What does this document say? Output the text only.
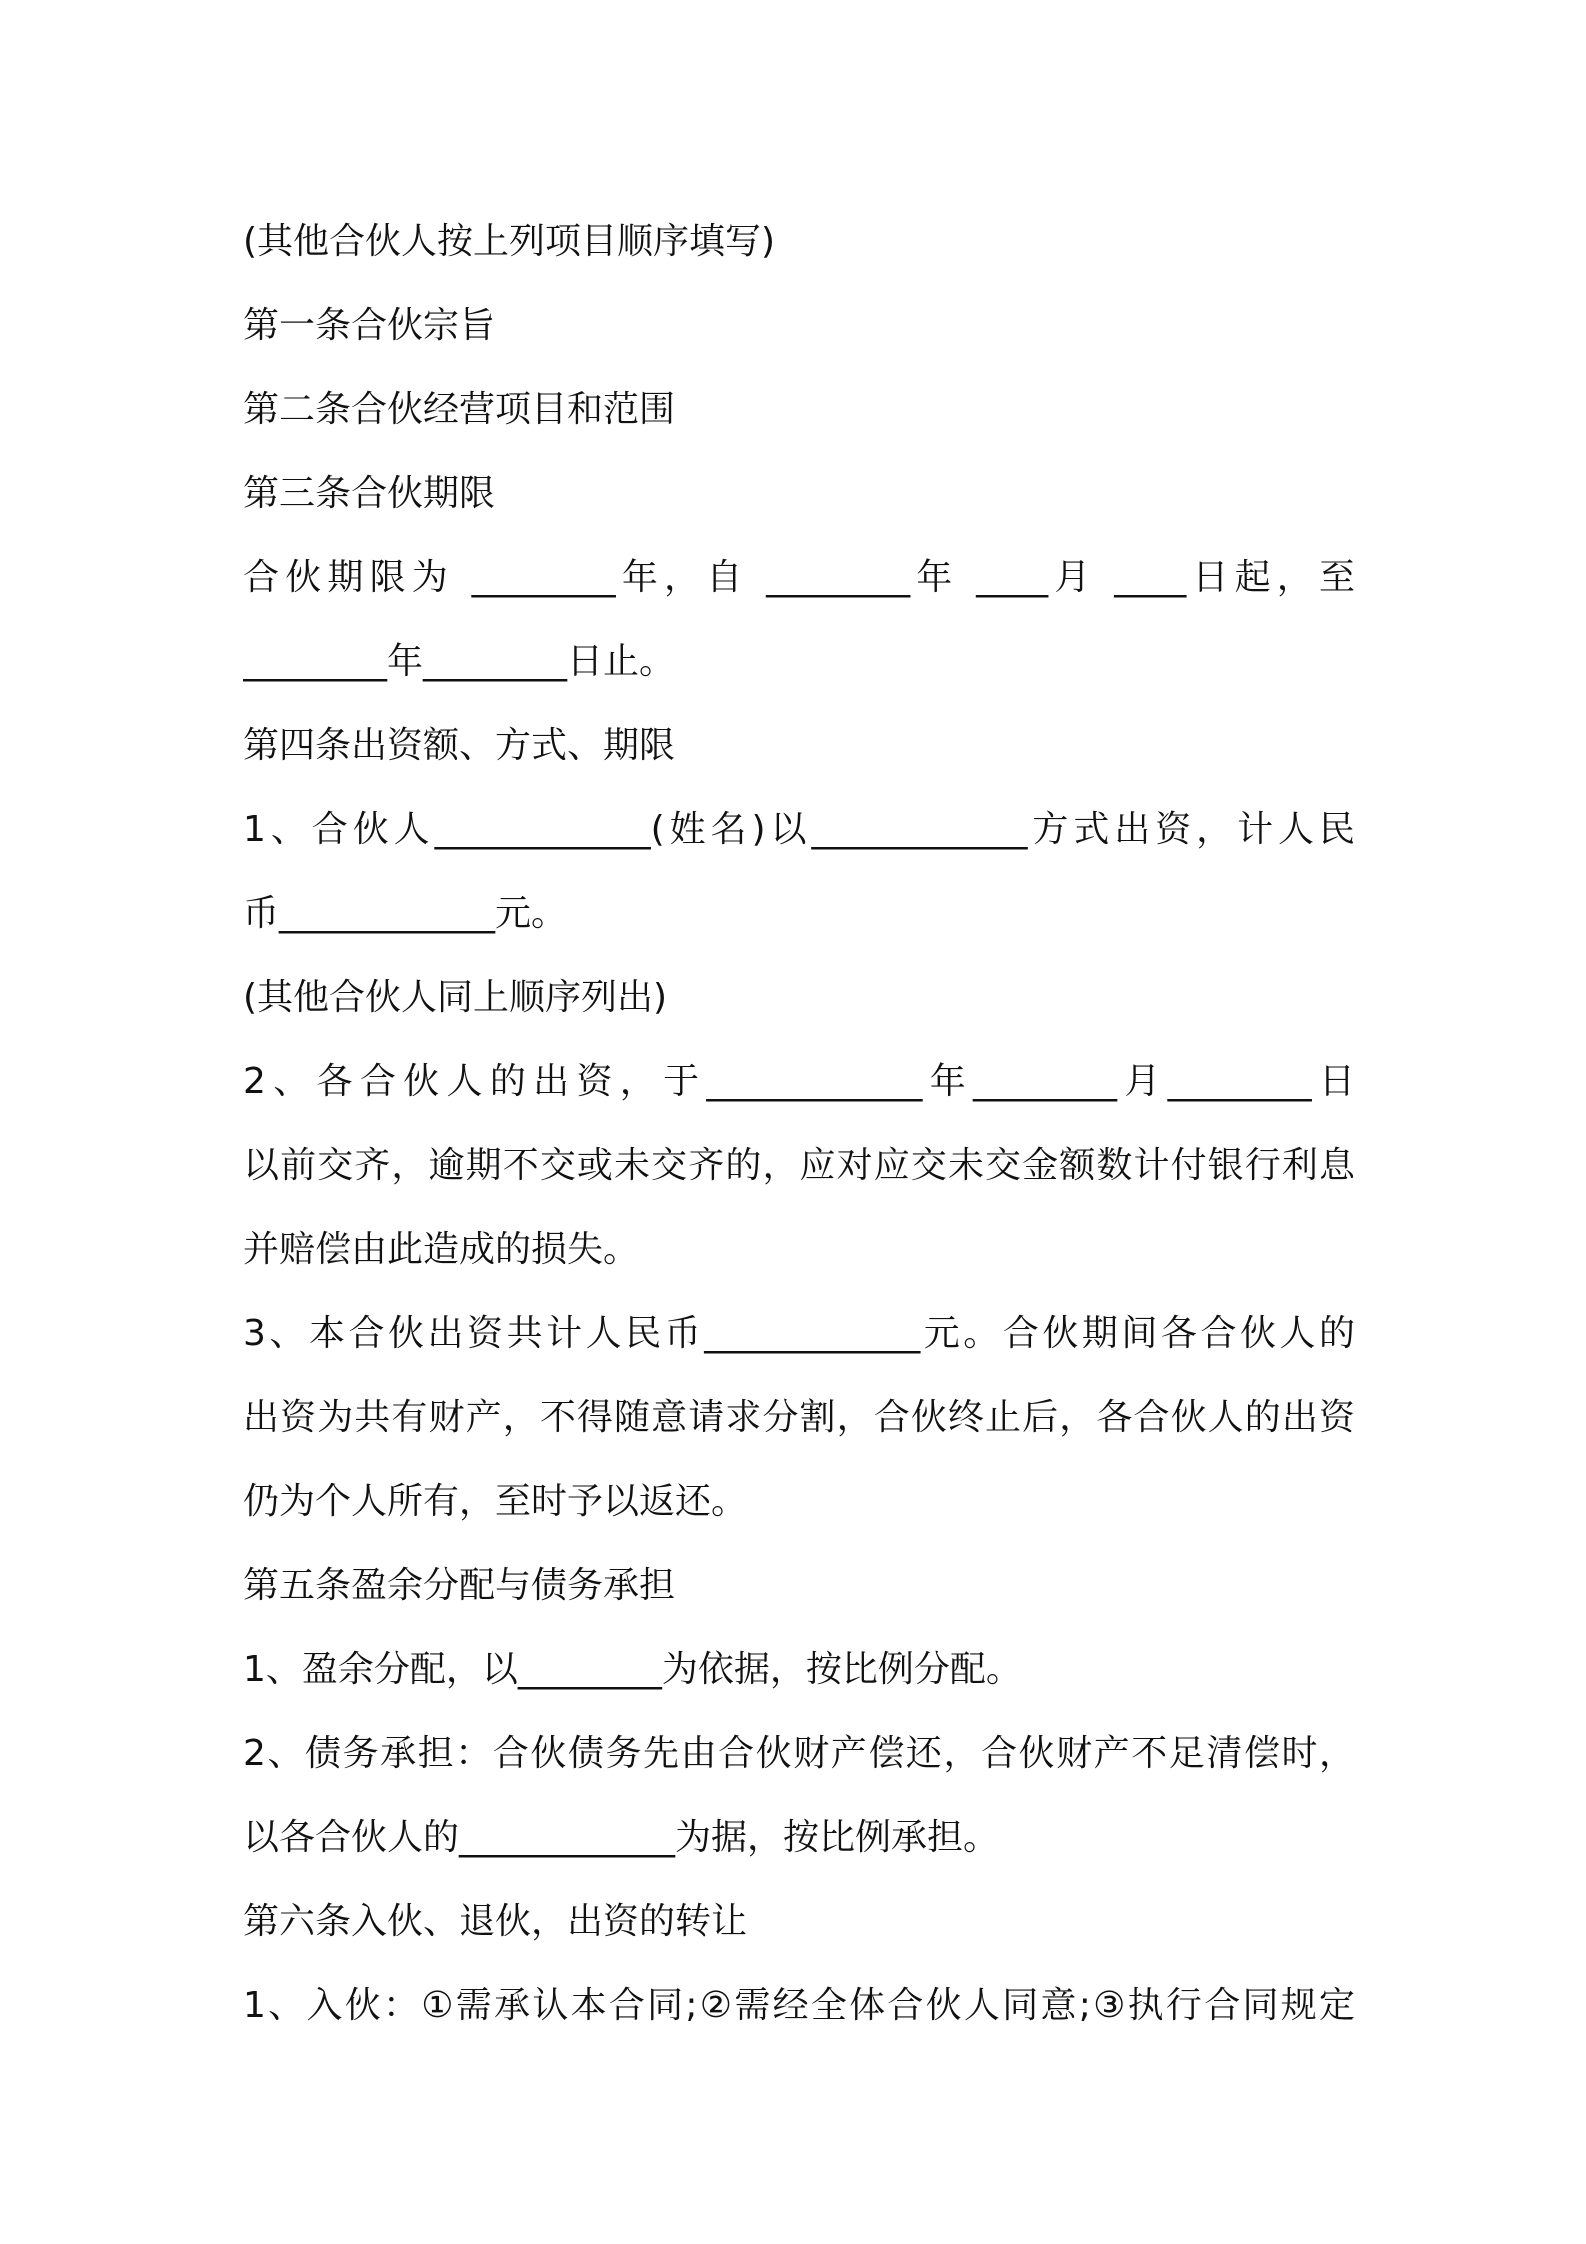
(其他合伙人按上列项目顺序填写)

第一条合伙宗旨

第二条合伙经营项目和范围

第三条合伙期限

合伙期限为 ________年，自 ________年 ____月 ____日起，至

________年________日止。

第四条出资额、方式、期限

1、合伙人____________(姓名)以____________方式出资，计人民

币____________元。

(其他合伙人同上顺序列出)

2、各合伙人的出资，于____________年________月________日

以前交齐，逾期不交或未交齐的，应对应交未交金额数计付银行利息

并赔偿由此造成的损失。

3、本合伙出资共计人民币____________元。合伙期间各合伙人的

出资为共有财产，不得随意请求分割，合伙终止后，各合伙人的出资

仍为个人所有，至时予以返还。

第五条盈余分配与债务承担

1、盈余分配，以________为依据，按比例分配。

2、债务承担：合伙债务先由合伙财产偿还，合伙财产不足清偿时，

以各合伙人的____________为据，按比例承担。

第六条入伙、退伙，出资的转让

1、入伙：①需承认本合同;②需经全体合伙人同意;③执行合同规定
